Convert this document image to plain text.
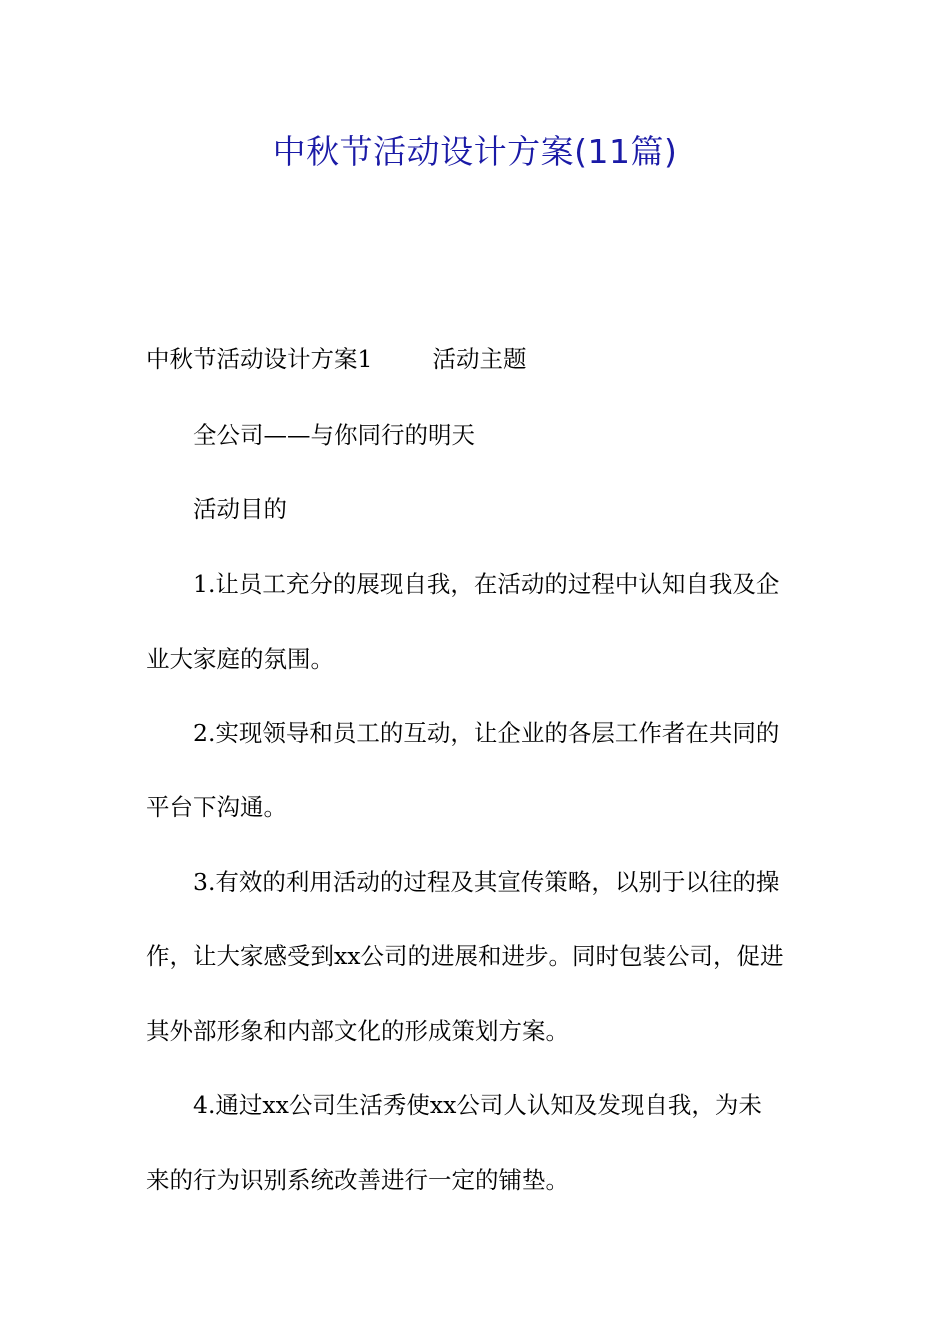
中秋节活动设计方案(11篇)
中秋节活动设计方案1	活动主题
全公司——与你同行的明天
活动目的
1.让员工充分的展现自我，在活动的过程中认知自我及企
业大家庭的氛围。
2.实现领导和员工的互动，让企业的各层工作者在共同的
平台下沟通。
3.有效的利用活动的过程及其宣传策略，以别于以往的操
作，让大家感受到xx公司的进展和进步。同时包装公司，促进
其外部形象和内部文化的形成策划方案。
4.通过xx公司生活秀使xx公司人认知及发现自我，为未
来的行为识别系统改善进行一定的铺垫。
